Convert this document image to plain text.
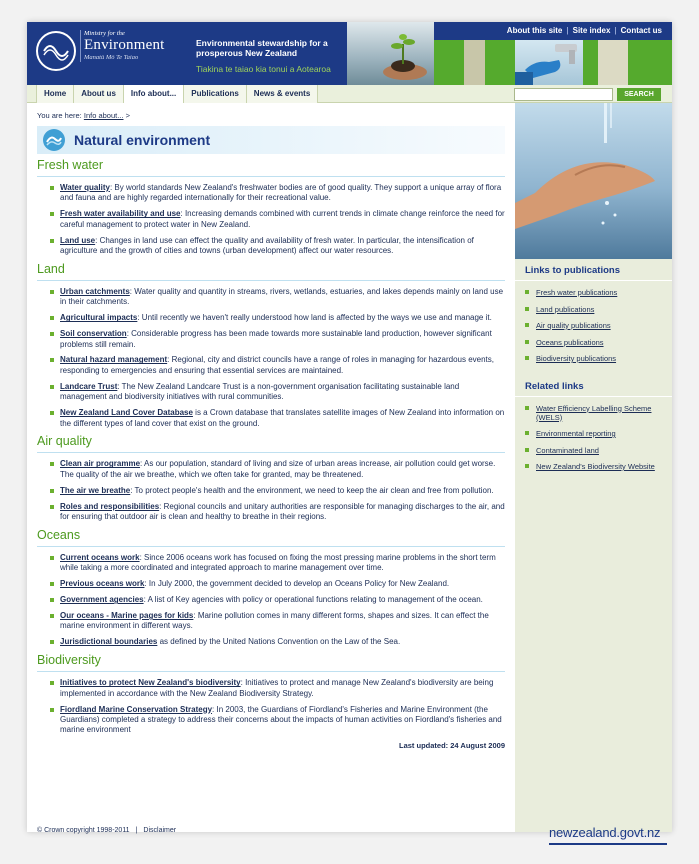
Ministry for the
Environment
Manatū Mō Te Taiao
Environmental stewardship for a prosperous New Zealand
Tiakina te taiao kia tonui a Aotearoa
About this site | Site index | Contact us
Home	About us	Info about...	Publications	News & events	SEARCH
You are here: Info about... >
Natural environment
Fresh water
Water quality: By world standards New Zealand's freshwater bodies are of good quality. They support a unique array of flora and fauna and are highly regarded internationally for their recreational value.
Fresh water availability and use: Increasing demands combined with current trends in climate change reinforce the need for careful management to protect water in New Zealand.
Land use: Changes in land use can effect the quality and availability of fresh water. In particular, the intensification of agriculture and the growth of cities and towns (urban development) affect our water resources.
Land
Urban catchments: Water quality and quantity in streams, rivers, wetlands, estuaries, and lakes depends mainly on land use in their catchments.
Agricultural impacts: Until recently we haven't really understood how land is affected by the ways we use and manage it.
Soil conservation: Considerable progress has been made towards more sustainable land production, however significant problems still remain.
Natural hazard management: Regional, city and district councils have a range of roles in managing for hazardous events, responding to emergencies and ensuring that essential services are maintained.
Landcare Trust: The New Zealand Landcare Trust is a non-government organisation facilitating sustainable land management and biodiversity initiatives with rural communities.
New Zealand Land Cover Database is a Crown database that translates satellite images of New Zealand into information on the different types of land cover that exist on the ground.
Air quality
Clean air programme: As our population, standard of living and size of urban areas increase, air pollution could get worse. The quality of the air we breathe, which we often take for granted, may be threatened.
The air we breathe: To protect people's health and the environment, we need to keep the air clean and free from pollution.
Roles and responsibilities: Regional councils and unitary authorities are responsible for managing discharges to the air, and for ensuring that outdoor air is clean and healthy to breathe in their regions.
Oceans
Current oceans work: Since 2006 oceans work has focused on fixing the most pressing marine problems in the short term while taking a more coordinated and integrated approach to marine management over time.
Previous oceans work: In July 2000, the government decided to develop an Oceans Policy for New Zealand.
Government agencies: A list of Key agencies with policy or operational functions relating to management of the ocean.
Our oceans - Marine pages for kids: Marine pollution comes in many different forms, shapes and sizes. It can effect the marine environment in different ways.
Jurisdictional boundaries as defined by the United Nations Convention on the Law of the Sea.
Biodiversity
Initiatives to protect New Zealand's biodiversity: Initiatives to protect and manage New Zealand's biodiversity are being implemented in accordance with the New Zealand Biodiversity Strategy.
Fiordland Marine Conservation Strategy: In 2003, the Guardians of Fiordland's Fisheries and Marine Environment (the Guardians) completed a strategy to address their concerns about the impacts of human activities on Fiordland's fisheries and marine environment
Last updated: 24 August 2009
Links to publications
Fresh water publications
Land publications
Air quality publications
Oceans publications
Biodiversity publications
Related links
Water Efficiency Labelling Scheme (WELS)
Environmental reporting
Contaminated land
New Zealand's Biodiversity Website
© Crown copyright 1998-2011 | Disclaimer	newzealand.govt.nz
